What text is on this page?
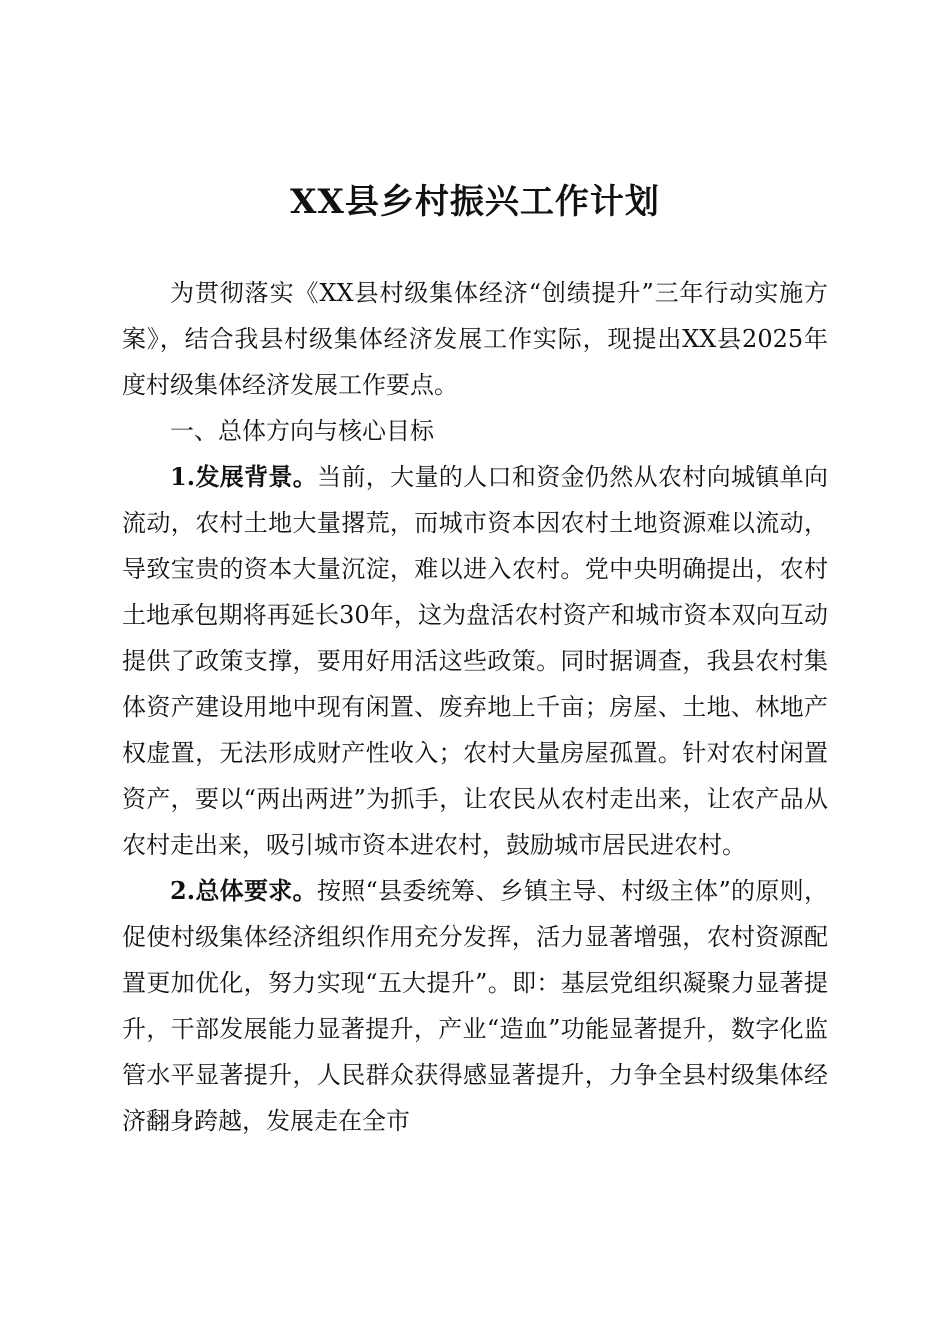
XX县乡村振兴工作计划

为贯彻落实《XX县村级集体经济“创绩提升”三年行动实施方案》，结合我县村级集体经济发展工作实际，现提出XX县2025年度村级集体经济发展工作要点。

一、总体方向与核心目标

1.发展背景。当前，大量的人口和资金仍然从农村向城镇单向流动，农村土地大量撂荒，而城市资本因农村土地资源难以流动，导致宝贵的资本大量沉淀，难以进入农村。党中央明确提出，农村土地承包期将再延长30年，这为盘活农村资产和城市资本双向互动提供了政策支撑，要用好用活这些政策。同时据调查，我县农村集体资产建设用地中现有闲置、废弃地上千亩；房屋、土地、林地产权虚置，无法形成财产性收入；农村大量房屋孤置。针对农村闲置资产，要以“两出两进”为抓手，让农民从农村走出来，让农产品从农村走出来，吸引城市资本进农村，鼓励城市居民进农村。

2.总体要求。按照“县委统筹、乡镇主导、村级主体”的原则，促使村级集体经济组织作用充分发挥，活力显著增强，农村资源配置更加优化，努力实现“五大提升”。即：基层党组织凝聚力显著提升，干部发展能力显著提升，产业“造血”功能显著提升，数字化监管水平显著提升，人民群众获得感显著提升，力争全县村级集体经济翻身跨越，发展走在全市
